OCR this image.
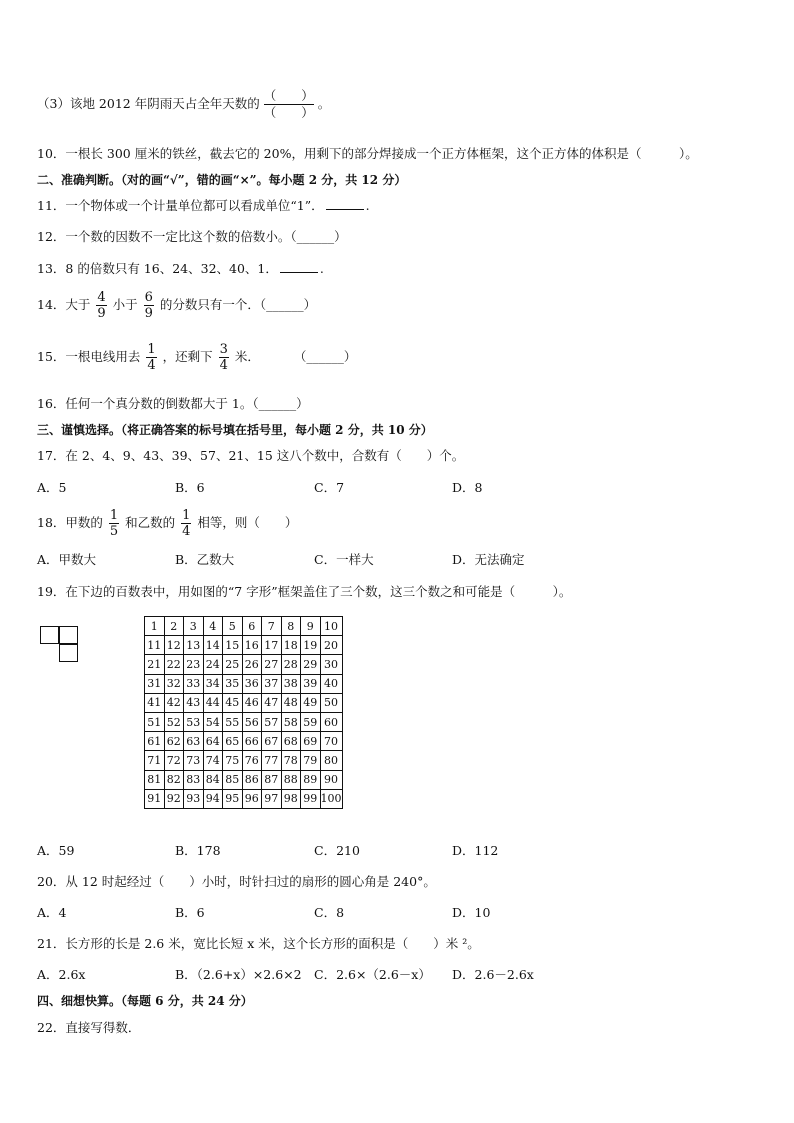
（3）该地 2012 年阴雨天占全年天数的 $\frac{( )}{( )}$ 。
10．一根长 300 厘米的铁丝，截去它的 20%，用剩下的部分焊接成一个正方体框架，这个正方体的体积是（　　　）。
二、准确判断。（对的画“√”，错的画“×”。每小题 2 分，共 12 分）
11．一个物体或一个计量单位都可以看成单位“1”．	.
12．一个数的因数不一定比这个数的倍数小。（______）
13．8 的倍数只有 16、24、32、40、1．	.
14．大于 $\frac{4}{9}$ 小于 $\frac{6}{9}$ 的分数只有一个．（______）
15．一根电线用去 $\frac{1}{4}$ ，还剩下 $\frac{3}{4}$ 米．	（______）
16．任何一个真分数的倒数都大于 1。（______）
三、谨慎选择。（将正确答案的标号填在括号里，每小题 2 分，共 10 分）
17．在 2、4、9、43、39、57、21、15 这八个数中，合数有（　　）个。
A．5	B．6	C．7	D．8
18．甲数的 $\frac{1}{5}$ 和乙数的 $\frac{1}{4}$ 相等，则（　　）
A．甲数大	B．乙数大	C．一样大	D．无法确定
19．在下边的百数表中，用如图的“7 字形”框架盖住了三个数，这三个数之和可能是（　　　）。
1	2	3	4	5	6	7	8	9	10
11	12	13	14	15	16	17	18	19	20
21	22	23	24	25	26	27	28	29	30
31	32	33	34	35	36	37	38	39	40
41	42	43	44	45	46	47	48	49	50
51	52	53	54	55	56	57	58	59	60
61	62	63	64	65	66	67	68	69	70
71	72	73	74	75	76	77	78	79	80
81	82	83	84	85	86	87	88	89	90
91	92	93	94	95	96	97	98	99	100
A．59	B．178	C．210	D．112
20．从 12 时起经过（　　）小时，时针扫过的扇形的圆心角是 240°。
A．4	B．6	C．8	D．10
21．长方形的长是 2.6 米，宽比长短 x 米，这个长方形的面积是（　　）米 ²。
A．2.6x	B．（2.6+x）×2.6×2 C．2.6×（2.6－x） D．2.6－2.6x
四、细想快算。（每题 6 分，共 24 分）
22．直接写得数．
